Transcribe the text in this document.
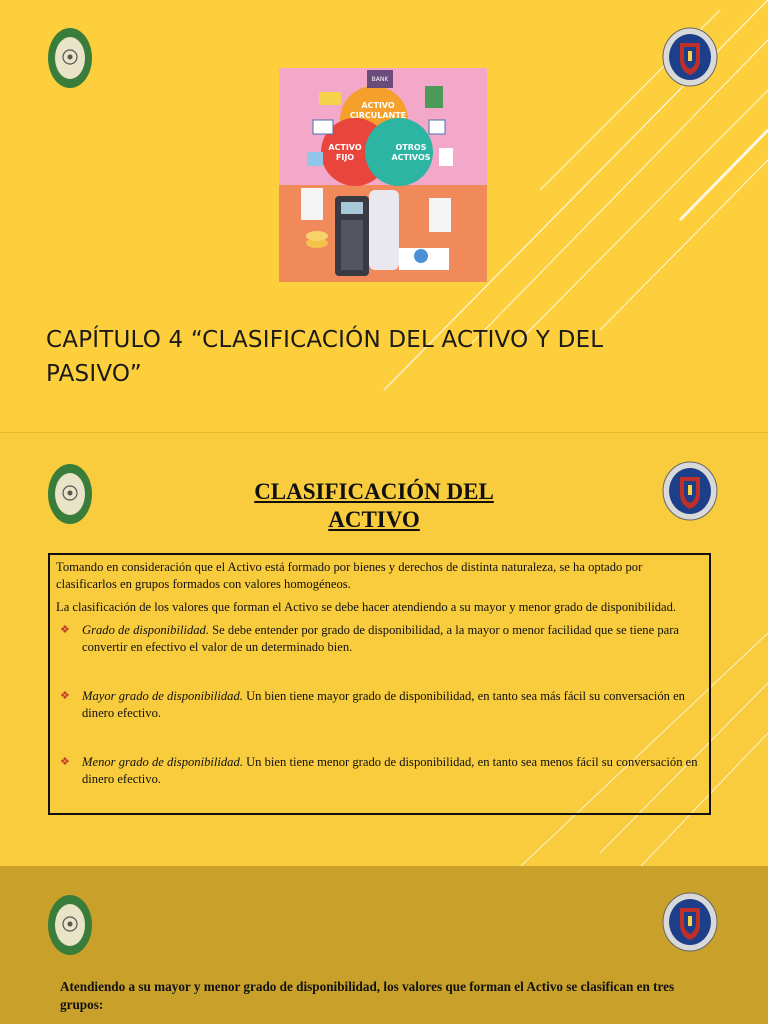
BANK
ACTIVO
CIRCULANTE
ACTIVO
FIJO
OTROS
ACTIVOS
CAPÍTULO 4 “CLASIFICACIÓN DEL ACTIVO Y DEL
PASIVO”
CLASIFICACIÓN DEL
ACTIVO

Tomando en consideración que el Activo está formado por bienes y derechos de distinta naturaleza, se ha optado por clasificarlos en grupos formados con valores homogéneos.

La clasificación de los valores que forman el Activo se debe hacer atendiendo a su mayor y menor grado de disponibilidad.

❖ Grado de disponibilidad. Se debe entender por grado de disponibilidad, a la mayor o menor facilidad que se tiene para convertir en efectivo el valor de un determinado bien.
❖ Mayor grado de disponibilidad. Un bien tiene mayor grado de disponibilidad, en tanto sea más fácil su conversación en dinero efectivo.
❖ Menor grado de disponibilidad. Un bien tiene menor grado de disponibilidad, en tanto sea menos fácil su conversación en dinero efectivo.

Atendiendo a su mayor y menor grado de disponibilidad, los valores que forman el Activo se clasifican en tres grupos:
